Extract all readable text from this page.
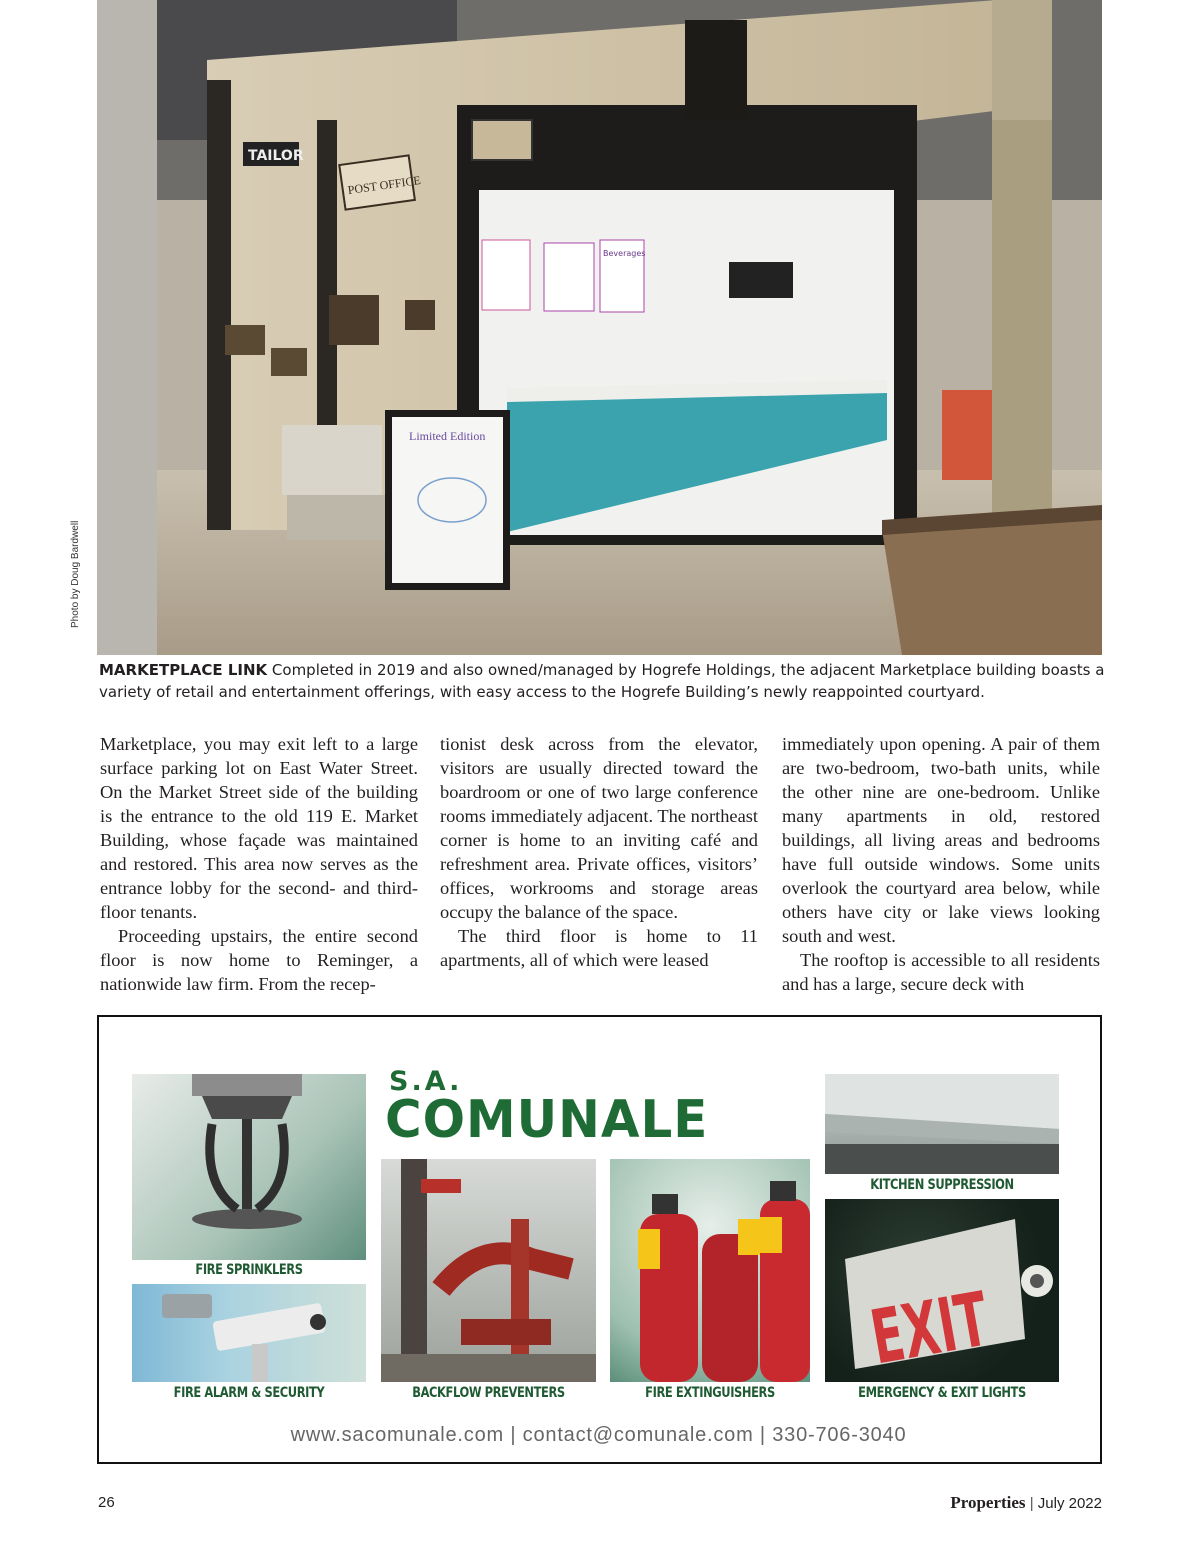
Beverages
TAILOR
POST OFFICE
Limited Edition
Photo by Doug Bardwell
MARKETPLACE LINK Completed in 2019 and also owned/managed by Hogrefe Holdings, the adjacent Marketplace building boasts a variety of retail and entertainment offerings, with easy access to the Hogrefe Building’s newly reappointed courtyard.

Marketplace, you may exit left to a large surface parking lot on East Water Street. On the Market Street side of the building is the entrance to the old 119 E. Market Building, whose façade was maintained and restored. This area now serves as the entrance lobby for the second- and third-floor tenants.

Proceeding upstairs, the entire second floor is now home to Reminger, a nationwide law firm. From the recep-

tionist desk across from the elevator, visitors are usually directed toward the boardroom or one of two large conference rooms immediately adjacent. The northeast corner is home to an inviting café and refreshment area. Private offices, visitors’ offices, workrooms and storage areas occupy the balance of the space.

The third floor is home to 11 apartments, all of which were leased

immediately upon opening. A pair of them are two-bedroom, two-bath units, while the other nine are one-bedroom. Unlike many apartments in old, restored buildings, all living areas and bedrooms have full outside windows. Some units overlook the courtyard area below, while others have city or lake views looking south and west.

The rooftop is accessible to all residents and has a large, secure deck with

S.A.
COMUNALE
FIRE SPRINKLERS
KITCHEN SUPPRESSION
FIRE ALARM & SECURITY	BACKFLOW PREVENTERS	FIRE EXTINGUISHERS
EXIT
EMERGENCY & EXIT LIGHTS
www.sacomunale.com | contact@comunale.com | 330-706-3040
26	Properties | July 2022
